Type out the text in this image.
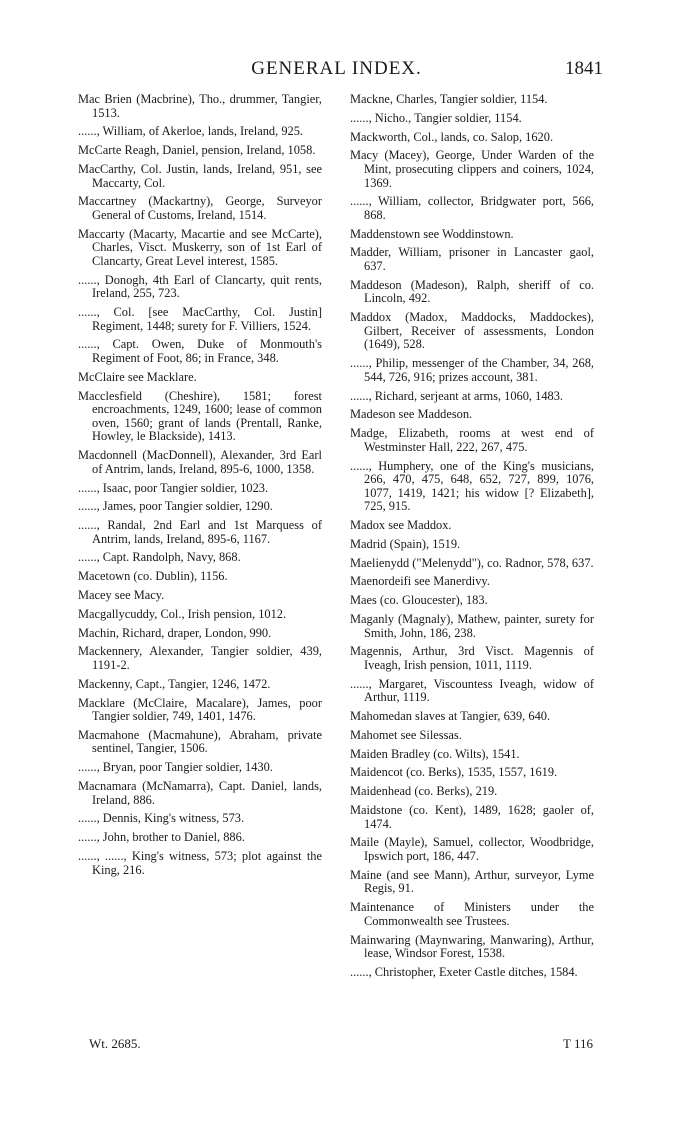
GENERAL INDEX.	1841

Mac Brien (Macbrine), Tho., drummer, Tangier, 1513.

......, William, of Akerloe, lands, Ireland, 925.

McCarte Reagh, Daniel, pension, Ireland, 1058.

MacCarthy, Col. Justin, lands, Ireland, 951, see Maccarty, Col.

Maccartney (Mackartny), George, Surveyor General of Customs, Ireland, 1514.

Maccarty (Macarty, Macartie and see McCarte), Charles, Visct. Muskerry, son of 1st Earl of Clancarty, Great Level interest, 1585.

......, Donogh, 4th Earl of Clancarty, quit rents, Ireland, 255, 723.

......, Col. [see MacCarthy, Col. Justin] Regiment, 1448; surety for F. Villiers, 1524.

......, Capt. Owen, Duke of Monmouth's Regiment of Foot, 86; in France, 348.

McClaire see Macklare.

Macclesfield (Cheshire), 1581; forest encroachments, 1249, 1600; lease of common oven, 1560; grant of lands (Prentall, Ranke, Howley, le Blackside), 1413.

Macdonnell (MacDonnell), Alexander, 3rd Earl of Antrim, lands, Ireland, 895-6, 1000, 1358.

......, Isaac, poor Tangier soldier, 1023.

......, James, poor Tangier soldier, 1290.

......, Randal, 2nd Earl and 1st Marquess of Antrim, lands, Ireland, 895-6, 1167.

......, Capt. Randolph, Navy, 868.

Macetown (co. Dublin), 1156.

Macey see Macy.

Macgallycuddy, Col., Irish pension, 1012.

Machin, Richard, draper, London, 990.

Mackennery, Alexander, Tangier soldier, 439, 1191-2.

Mackenny, Capt., Tangier, 1246, 1472.

Macklare (McClaire, Macalare), James, poor Tangier soldier, 749, 1401, 1476.

Macmahone (Macmahune), Abraham, private sentinel, Tangier, 1506.

......, Bryan, poor Tangier soldier, 1430.

Macnamara (McNamarra), Capt. Daniel, lands, Ireland, 886.

......, Dennis, King's witness, 573.

......, John, brother to Daniel, 886.

......, ......, King's witness, 573; plot against the King, 216.

Mackne, Charles, Tangier soldier, 1154.

......, Nicho., Tangier soldier, 1154.

Mackworth, Col., lands, co. Salop, 1620.

Macy (Macey), George, Under Warden of the Mint, prosecuting clippers and coiners, 1024, 1369.

......, William, collector, Bridgwater port, 566, 868.

Maddenstown see Woddinstown.

Madder, William, prisoner in Lancaster gaol, 637.

Maddeson (Madeson), Ralph, sheriff of co. Lincoln, 492.

Maddox (Madox, Maddocks, Maddockes), Gilbert, Receiver of assessments, London (1649), 528.

......, Philip, messenger of the Chamber, 34, 268, 544, 726, 916; prizes account, 381.

......, Richard, serjeant at arms, 1060, 1483.

Madeson see Maddeson.

Madge, Elizabeth, rooms at west end of Westminster Hall, 222, 267, 475.

......, Humphery, one of the King's musicians, 266, 470, 475, 648, 652, 727, 899, 1076, 1077, 1419, 1421; his widow [? Elizabeth], 725, 915.

Madox see Maddox.

Madrid (Spain), 1519.

Maelienydd ("Melenydd"), co. Radnor, 578, 637.

Maenordeifi see Manerdivy.

Maes (co. Gloucester), 183.

Maganly (Magnaly), Mathew, painter, surety for Smith, John, 186, 238.

Magennis, Arthur, 3rd Visct. Magennis of Iveagh, Irish pension, 1011, 1119.

......, Margaret, Viscountess Iveagh, widow of Arthur, 1119.

Mahomedan slaves at Tangier, 639, 640.

Mahomet see Silessas.

Maiden Bradley (co. Wilts), 1541.

Maidencot (co. Berks), 1535, 1557, 1619.

Maidenhead (co. Berks), 219.

Maidstone (co. Kent), 1489, 1628; gaoler of, 1474.

Maile (Mayle), Samuel, collector, Woodbridge, Ipswich port, 186, 447.

Maine (and see Mann), Arthur, surveyor, Lyme Regis, 91.

Maintenance of Ministers under the Commonwealth see Trustees.

Mainwaring (Maynwaring, Manwaring), Arthur, lease, Windsor Forest, 1538.

......, Christopher, Exeter Castle ditches, 1584.

Wt. 2685.	T 116
